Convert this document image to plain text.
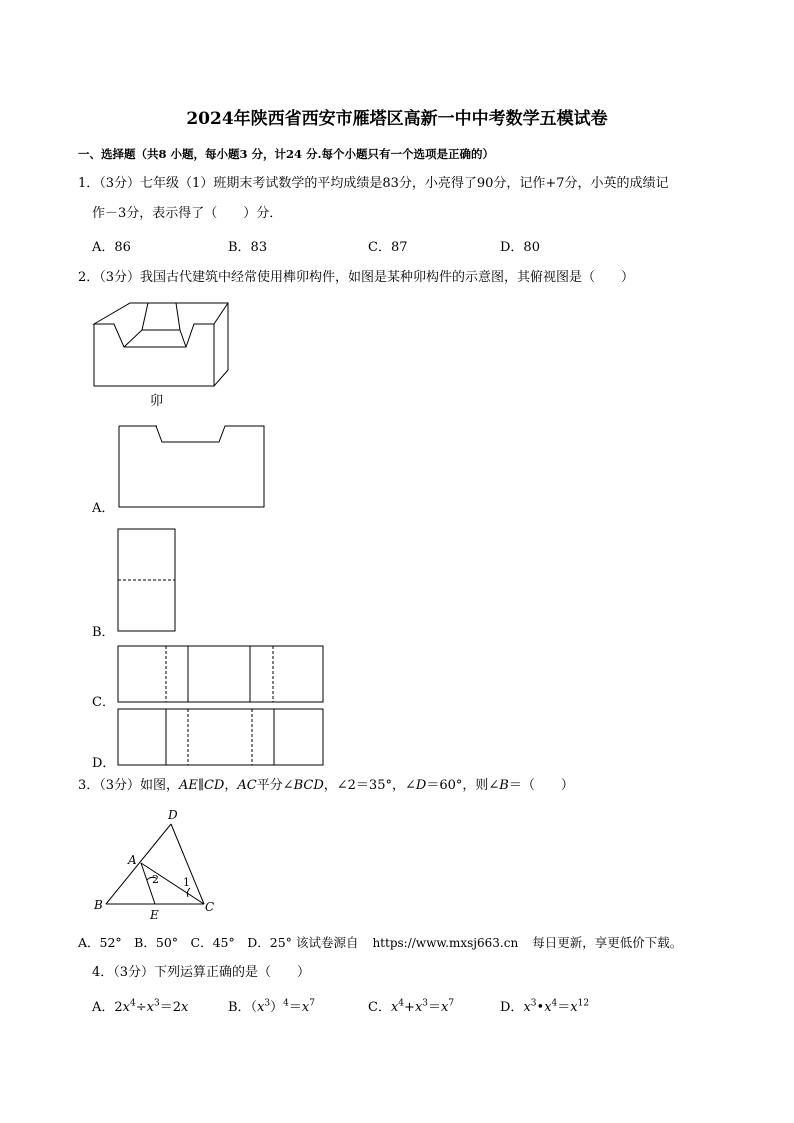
2024年陕西省西安市雁塔区高新一中中考数学五模试卷
一、选择题（共8 小题，每小题3 分，计24 分.每个小题只有一个选项是正确的）
1．（3分）七年级（1）班期末考试数学的平均成绩是83分，小亮得了90分，记作+7分，小英的成绩记
作－3分，表示得了（　　）分．
A．86	B．83	C．87	D．80
2．（3分）我国古代建筑中经常使用榫卯构件，如图是某种卯构件的示意图，其俯视图是（　　）
卯
A．
B．
C．
D．
3．（3分）如图，AE∥CD，AC平分∠BCD，∠2＝35°，∠D＝60°，则∠B＝（　　）
D
A
B
E
C
1
2
A．52°　B．50°　C．45°　D．25° 该试卷源自 https://www.mxsj663.cn 每日更新，享更低价下载。
4．（3分）下列运算正确的是（　　）
A．$2x^4\div x^3=2x$	B．$(x^3)^4=x^7$	C．$x^4+x^3=x^7$	D．$x^3•x^4=x^{12}$
